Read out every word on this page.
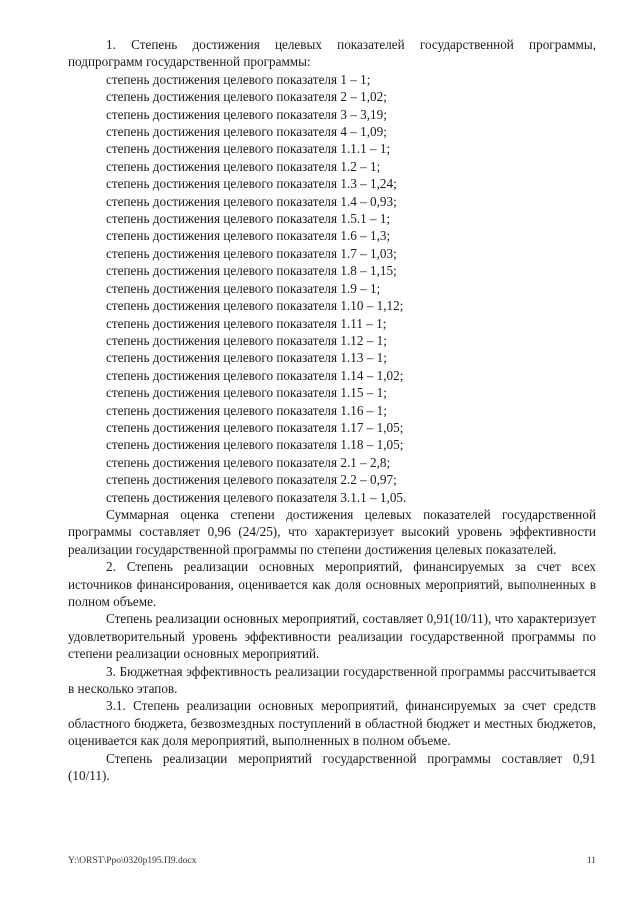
1. Степень достижения целевых показателей государственной программы,

подпрограмм государственной программы:

степень достижения целевого показателя 1 – 1;
степень достижения целевого показателя 2 – 1,02;
степень достижения целевого показателя 3 – 3,19;
степень достижения целевого показателя 4 – 1,09;
степень достижения целевого показателя 1.1.1 – 1;
степень достижения целевого показателя 1.2 – 1;
степень достижения целевого показателя 1.3 – 1,24;
степень достижения целевого показателя 1.4 – 0,93;
степень достижения целевого показателя 1.5.1 – 1;
степень достижения целевого показателя 1.6 – 1,3;
степень достижения целевого показателя 1.7 – 1,03;
степень достижения целевого показателя 1.8 – 1,15;
степень достижения целевого показателя 1.9 – 1;
степень достижения целевого показателя 1.10 – 1,12;
степень достижения целевого показателя 1.11 – 1;
степень достижения целевого показателя 1.12 – 1;
степень достижения целевого показателя 1.13 – 1;
степень достижения целевого показателя 1.14 – 1,02;
степень достижения целевого показателя 1.15 – 1;
степень достижения целевого показателя 1.16 – 1;
степень достижения целевого показателя 1.17 – 1,05;
степень достижения целевого показателя 1.18 – 1,05;
степень достижения целевого показателя 2.1 – 2,8;
степень достижения целевого показателя 2.2 – 0,97;
степень достижения целевого показателя 3.1.1 – 1,05.

Суммарная оценка степени достижения целевых показателей государственной программы составляет 0,96 (24/25), что характеризует высокий уровень эффективности реализации государственной программы по степени достижения целевых показателей.

2. Степень реализации основных мероприятий, финансируемых за счет всех источников финансирования, оценивается как доля основных мероприятий, выполненных в полном объеме.

Степень реализации основных мероприятий, составляет 0,91(10/11), что характеризует удовлетворительный уровень эффективности реализации государственной программы по степени реализации основных мероприятий.

3. Бюджетная эффективность реализации государственной программы рассчитывается в несколько этапов.

3.1. Степень реализации основных мероприятий, финансируемых за счет средств областного бюджета, безвозмездных поступлений в областной бюджет и местных бюджетов, оценивается как доля мероприятий, выполненных в полном объеме.

Степень реализации мероприятий государственной программы составляет 0,91 (10/11).

Y:\ORST\Ppo\0320p195.П9.docx	11
